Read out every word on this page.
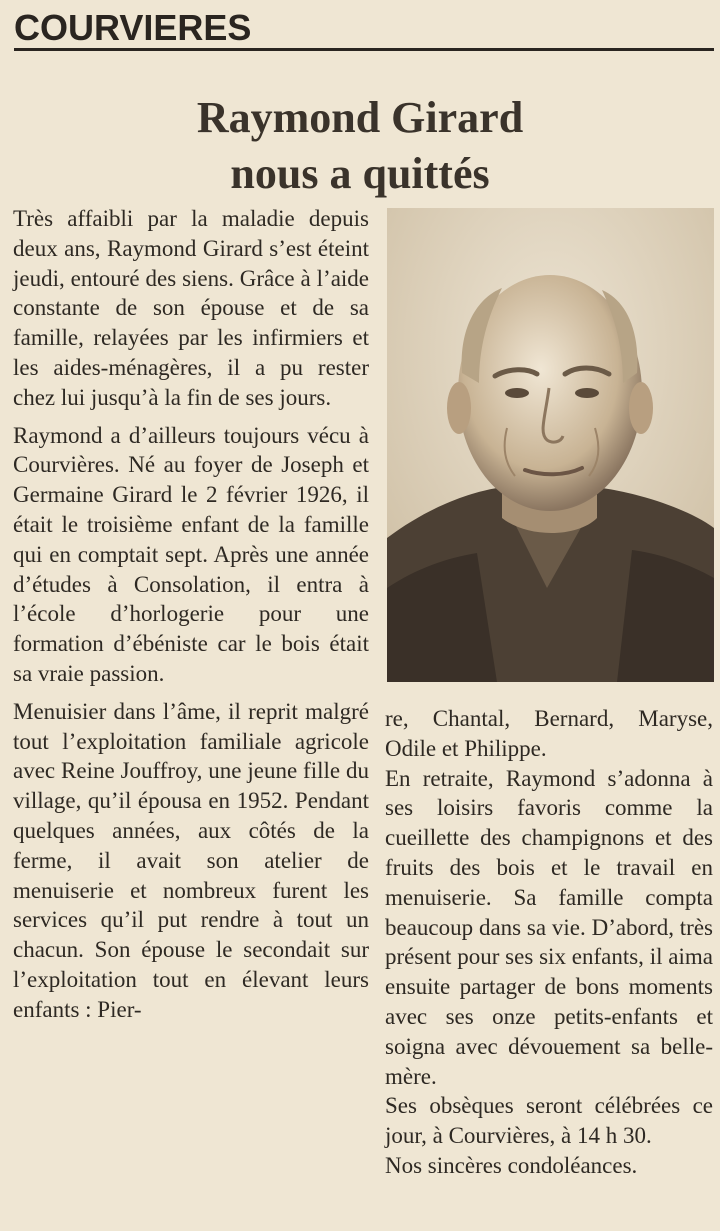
COURVIERES
Raymond Girard
nous a quittés

Très affaibli par la maladie depuis deux ans, Raymond Girard s’est éteint jeudi, entouré des siens. Grâce à l’aide constante de son épouse et de sa famille, relayées par les infirmiers et les aides-ménagères, il a pu rester chez lui jusqu’à la fin de ses jours.

Raymond a d’ailleurs toujours vécu à Courvières. Né au foyer de Joseph et Germaine Girard le 2 février 1926, il était le troisième enfant de la famille qui en comptait sept. Après une année d’études à Consolation, il entra à l’école d’horlogerie pour une formation d’ébéniste car le bois était sa vraie passion.

Menuisier dans l’âme, il reprit malgré tout l’exploitation familiale agricole avec Reine Jouffroy, une jeune fille du village, qu’il épousa en 1952. Pendant quelques années, aux côtés de la ferme, il avait son atelier de menuiserie et nombreux furent les services qu’il put rendre à tout un chacun. Son épouse le secondait sur l’exploitation tout en élevant leurs enfants : Pier-

re, Chantal, Bernard, Maryse, Odile et Philippe.

En retraite, Raymond s’adonna à ses loisirs favoris comme la cueillette des champignons et des fruits des bois et le travail en menuiserie. Sa famille compta beaucoup dans sa vie. D’abord, très présent pour ses six enfants, il aima ensuite partager de bons moments avec ses onze petits-enfants et soigna avec dévouement sa belle-mère.

Ses obsèques seront célébrées ce jour, à Courvières, à 14 h 30.

Nos sincères condoléances.
